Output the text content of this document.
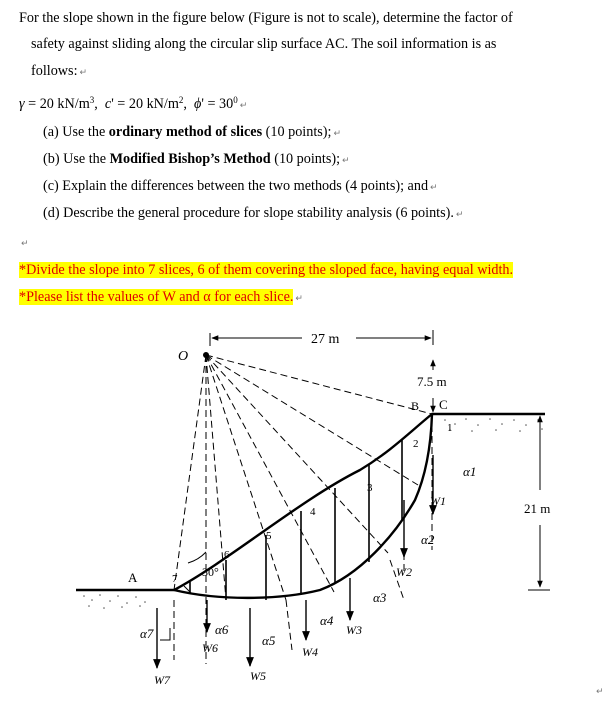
For the slope shown in the figure below (Figure is not to scale), determine the factor of
safety against sliding along the circular slip surface AC. The soil information is as
follows: ↵
γ = 20 $kN/m^3$,  c' = 20 $kN/m^2$,  $\phi' = 30^0↵$
(a) Use the ordinary method of slices (10 points); ↵
(b) Use the Modified Bishop’s Method (10 points); ↵
(c) Explain the differences between the two methods (4 points); and ↵
(d) Describe the general procedure for slope stability analysis (6 points). ↵
↵
*Divide the slope into 7 slices, 6 of them covering the sloped face, having equal width.
*Please list the values of W and α for each slice. ↵
27 m
7.5 m
21 m
O
A
B C
30°
1
2
3
4
5
6
7
α1
α2
α3
α4
α5
α6
α7
W1
W2
W3
W4
W5
W6
W7
↵
